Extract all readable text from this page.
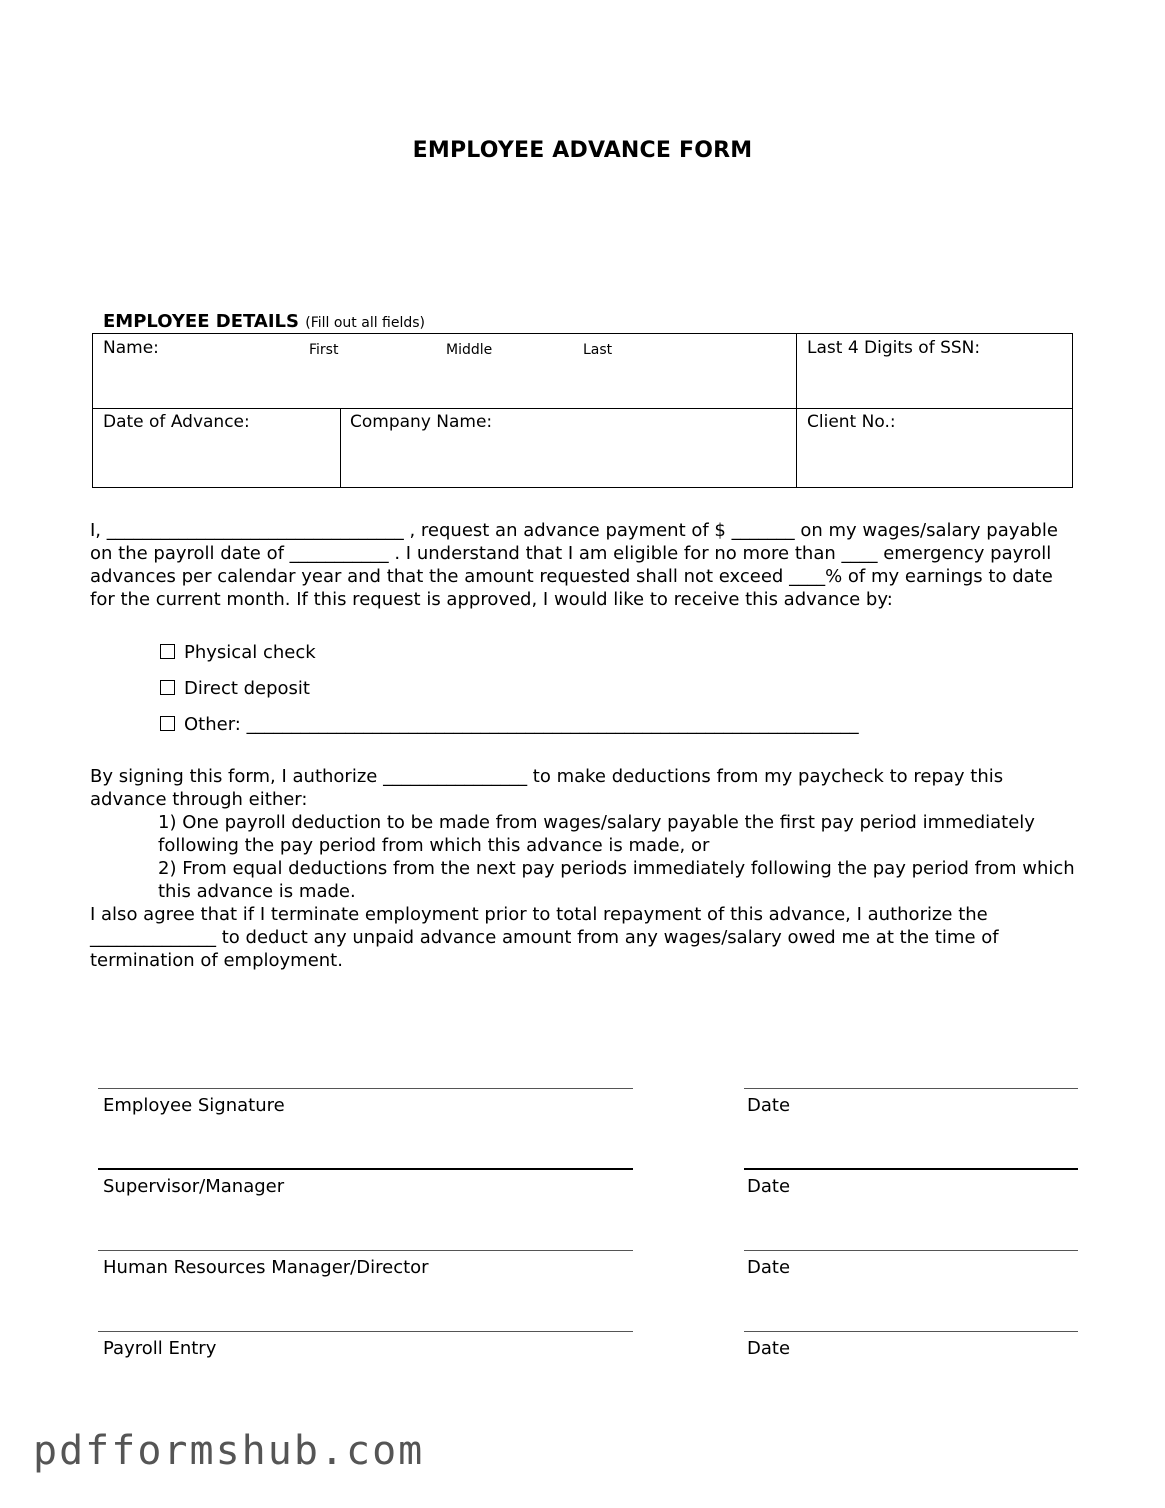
EMPLOYEE ADVANCE FORM
EMPLOYEE DETAILS (Fill out all fields)
Name:	First	Middle	Last	Last 4 Digits of SSN:
Date of Advance:	Company Name:	Client No.:

I, _________________________________ , request an advance payment of $ _______ on my wages/salary payable on the payroll date of ___________ . I understand that I am eligible for no more than ____ emergency payroll advances per calendar year and that the amount requested shall not exceed ____% of my earnings to date for the current month. If this request is approved, I would like to receive this advance by:

Physical check
Direct deposit
Other: ____________________________________________________________________

By signing this form, I authorize ________________ to make deductions from my paycheck to repay this advance through either:

1) One payroll deduction to be made from wages/salary payable the first pay period immediately following the pay period from which this advance is made, or

2) From equal deductions from the next pay periods immediately following the pay period from which this advance is made.

I also agree that if I terminate employment prior to total repayment of this advance, I authorize the ______________ to deduct any unpaid advance amount from any wages/salary owed me at the time of termination of employment.

Employee Signature	Date
Supervisor/Manager	Date
Human Resources Manager/Director	Date
Payroll Entry	Date
pdfformshub.com
